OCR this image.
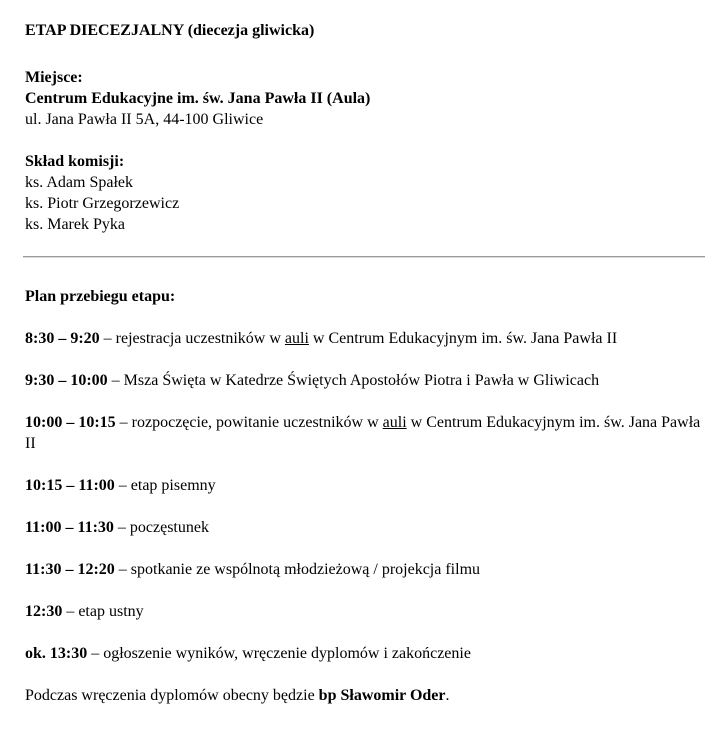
ETAP DIECEZJALNY (diecezja gliwicka)
Miejsce:
Centrum Edukacyjne im. św. Jana Pawła II (Aula)
ul. Jana Pawła II 5A, 44-100 Gliwice
Skład komisji:
ks. Adam Spałek
ks. Piotr Grzegorzewicz
ks. Marek Pyka
Plan przebiegu etapu:
8:30 – 9:20 – rejestracja uczestników w auli w Centrum Edukacyjnym im. św. Jana Pawła II
9:30 – 10:00 – Msza Święta w Katedrze Świętych Apostołów Piotra i Pawła w Gliwicach
10:00 – 10:15 – rozpoczęcie, powitanie uczestników w auli w Centrum Edukacyjnym im. św. Jana Pawła II
10:15 – 11:00 – etap pisemny
11:00 – 11:30 – poczęstunek
11:30 – 12:20 – spotkanie ze wspólnotą młodzieżową / projekcja filmu
12:30 – etap ustny
ok. 13:30 – ogłoszenie wyników, wręczenie dyplomów i zakończenie
Podczas wręczenia dyplomów obecny będzie bp Sławomir Oder.
